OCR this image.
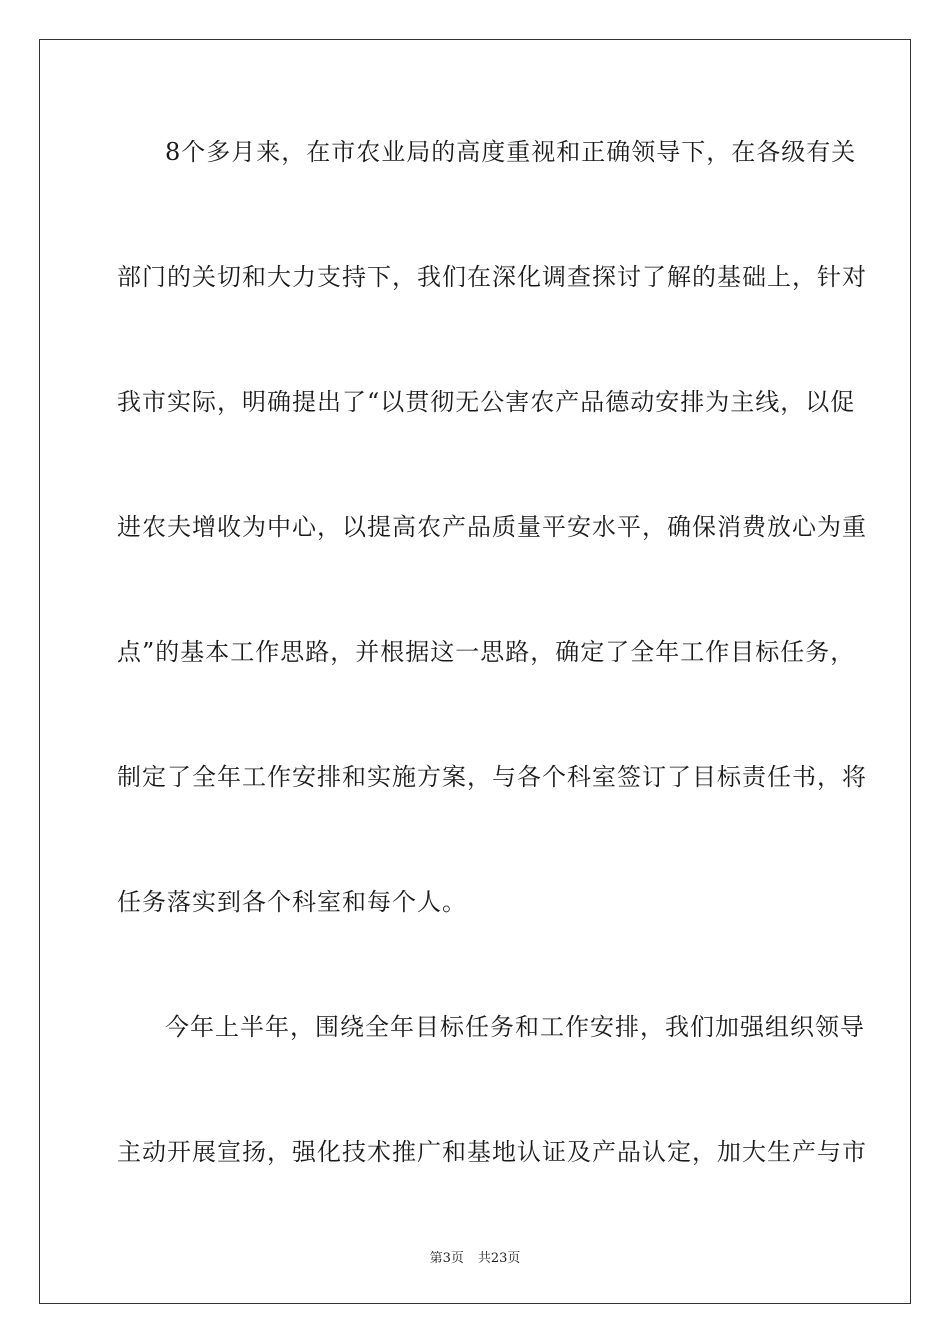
8个多月来，在市农业局的高度重视和正确领导下，在各级有关
部门的关切和大力支持下，我们在深化调查探讨了解的基础上，针对
我市实际，明确提出了“以贯彻无公害农产品德动安排为主线，以促
进农夫增收为中心，以提高农产品质量平安水平，确保消费放心为重
点”的基本工作思路，并根据这一思路，确定了全年工作目标任务，
制定了全年工作安排和实施方案，与各个科室签订了目标责任书，将
任务落实到各个科室和每个人。
今年上半年，围绕全年目标任务和工作安排，我们加强组织领导
主动开展宣扬，强化技术推广和基地认证及产品认定，加大生产与市
第3页 共23页
